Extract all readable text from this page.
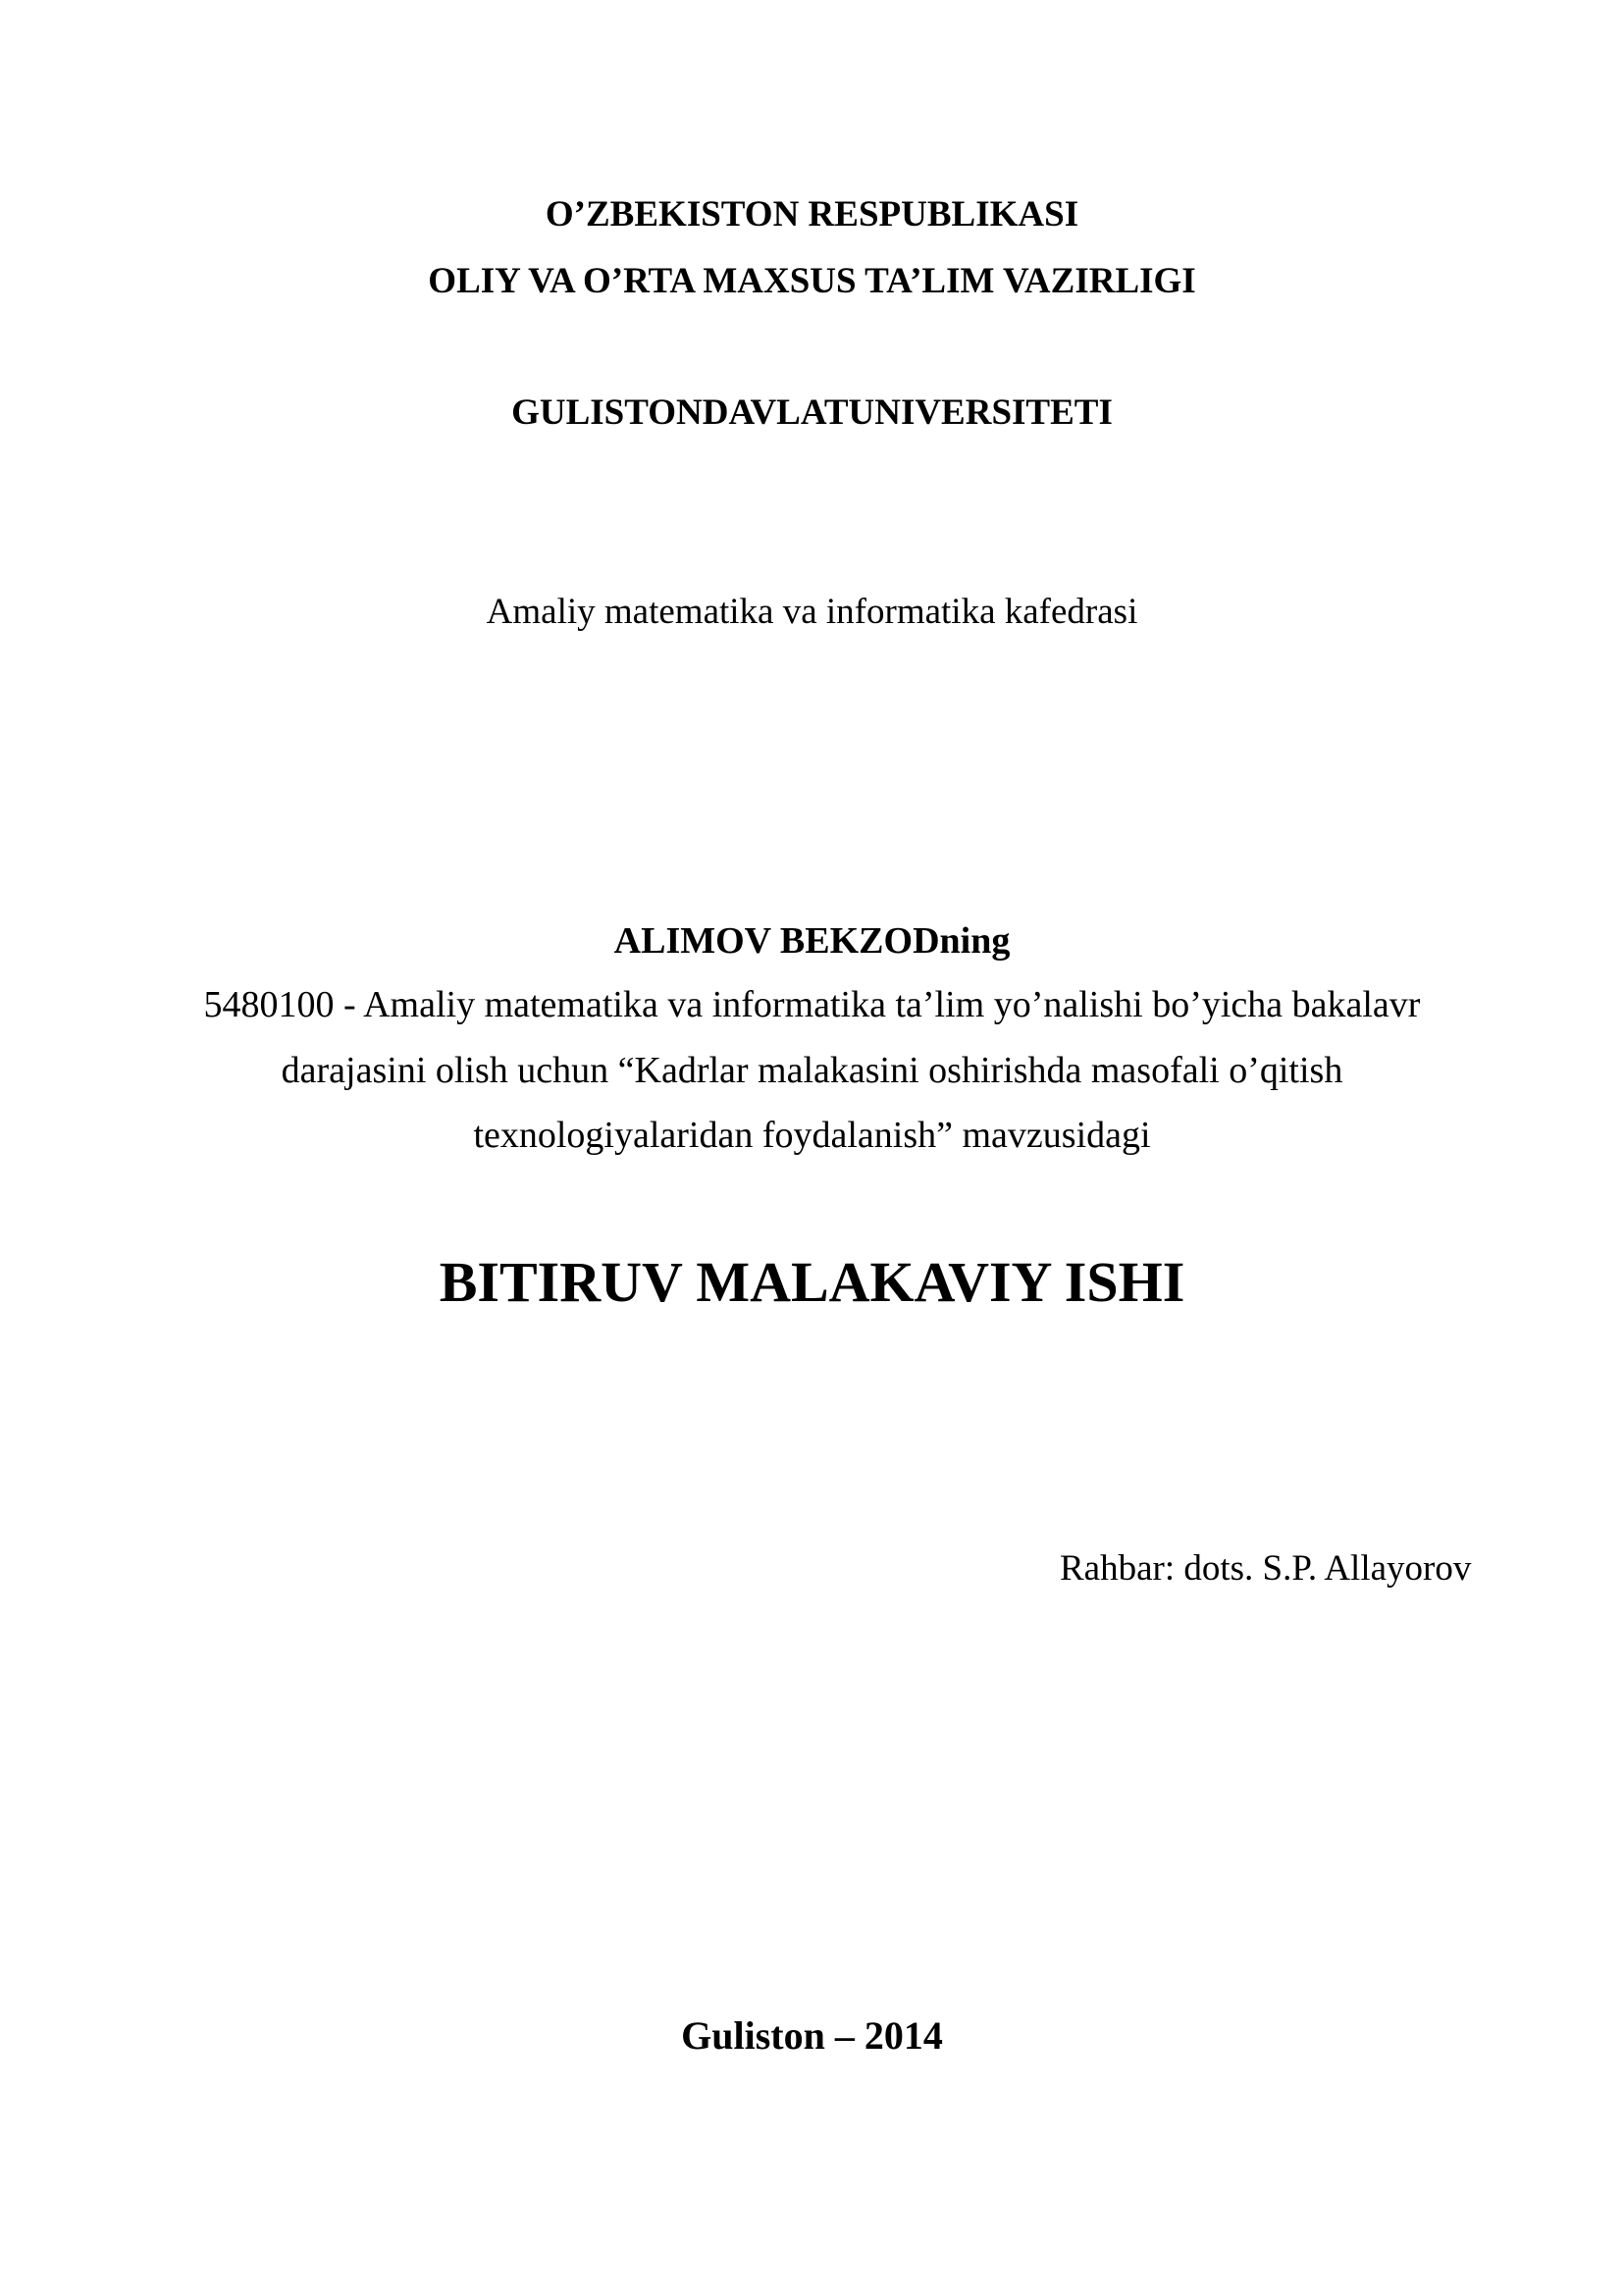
O’ZBEKISTON RESPUBLIKASI
OLIY VA O’RTA MAXSUS TA’LIM VAZIRLIGI
GULISTONDAVLATUNIVERSITETI
Amaliy matematika va informatika kafedrasi
ALIMOV BEKZODning
5480100 - Amaliy matematika va informatika ta’lim yo’nalishi bo’yicha bakalavr
darajasini olish uchun “Kadrlar malakasini oshirishda masofali o’qitish
texnologiyalaridan foydalanish” mavzusidagi
BITIRUV MALAKAVIY ISHI
Rahbar: dots. S.P. Allayorov
Guliston – 2014
